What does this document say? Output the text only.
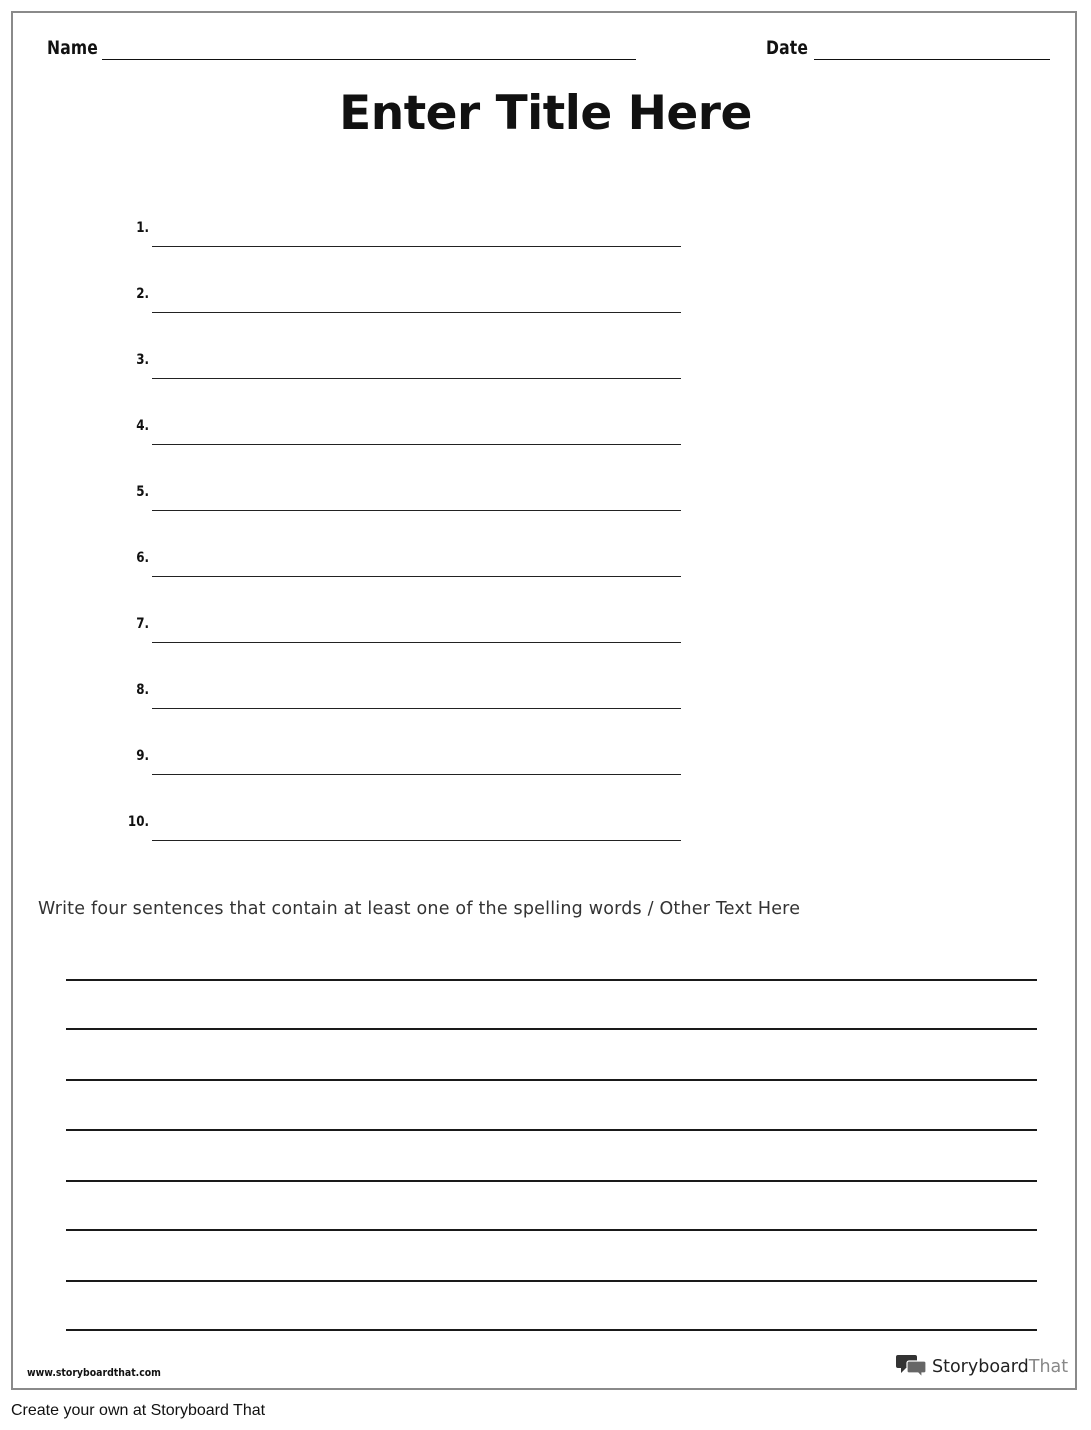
Name	Date
Enter Title Here
1.
2.
3.
4.
5.
6.
7.
8.
9.
10.
Write four sentences that contain at least one of the spelling words / Other Text Here
www.storyboardthat.com	StoryboardThat
Create your own at Storyboard That
